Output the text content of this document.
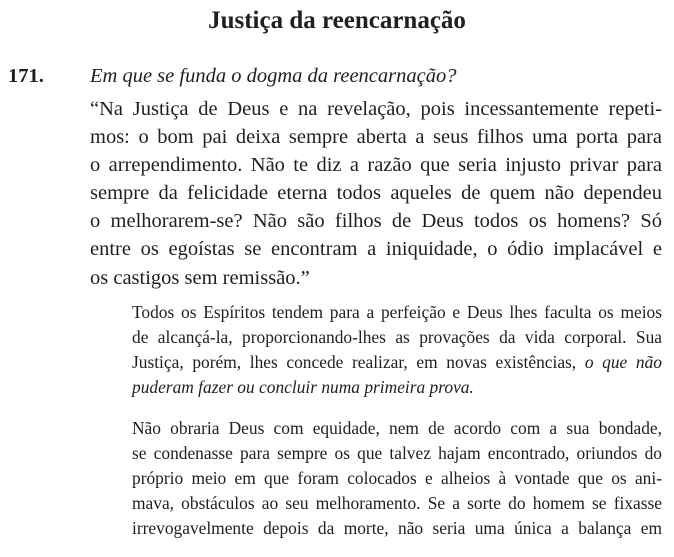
Justiça da reencarnação
171. Em que se funda o dogma da reencarnação?
“Na Justiça de Deus e na revelação, pois incessantemente repeti-
mos: o bom pai deixa sempre aberta a seus filhos uma porta para
o arrependimento. Não te diz a razão que seria injusto privar para
sempre da felicidade eterna todos aqueles de quem não dependeu
o melhorarem-se? Não são filhos de Deus todos os homens? Só
entre os egoístas se encontram a iniquidade, o ódio implacável e
os castigos sem remissão.”
Todos os Espíritos tendem para a perfeição e Deus lhes faculta os meios
de alcançá-la, proporcionando-lhes as provações da vida corporal. Sua
Justiça, porém, lhes concede realizar, em novas existências, o que não
puderam fazer ou concluir numa primeira prova.
Não obraria Deus com equidade, nem de acordo com a sua bondade,
se condenasse para sempre os que talvez hajam encontrado, oriundos do
próprio meio em que foram colocados e alheios à vontade que os ani-
mava, obstáculos ao seu melhoramento. Se a sorte do homem se fixasse
irrevogavelmente depois da morte, não seria uma única a balança em
